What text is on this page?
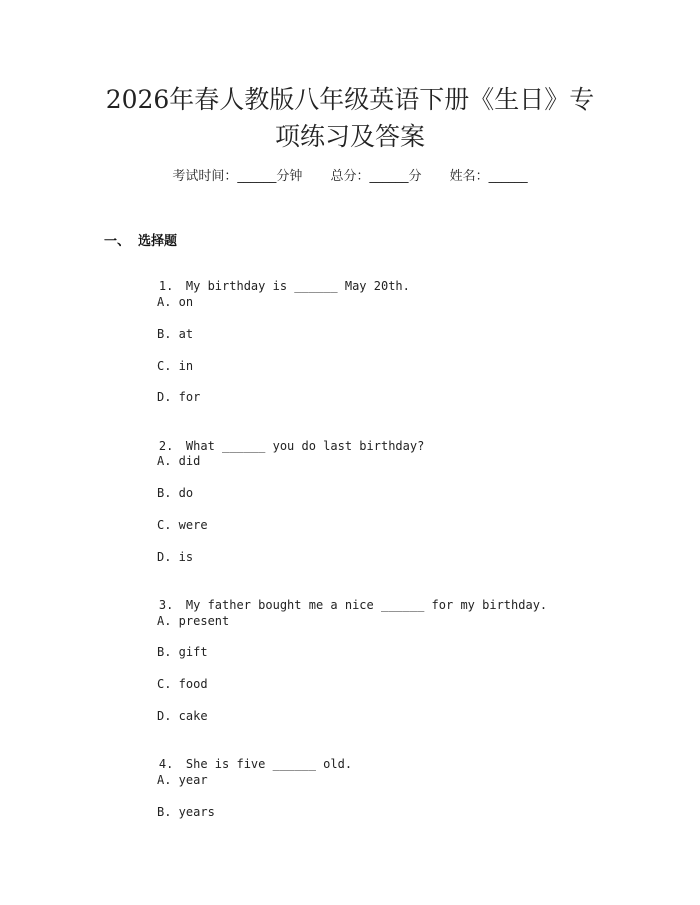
2026年春人教版八年级英语下册《生日》专
项练习及答案
考试时间：______分钟 总分：______分 姓名：______
一、 选择题

1. My birthday is ______ May 20th.

A. on
B. at
C. in
D. for

2. What ______ you do last birthday?

A. did
B. do
C. were
D. is

3. My father bought me a nice ______ for my birthday.

A. present
B. gift
C. food
D. cake

4. She is five ______ old.

A. year
B. years
